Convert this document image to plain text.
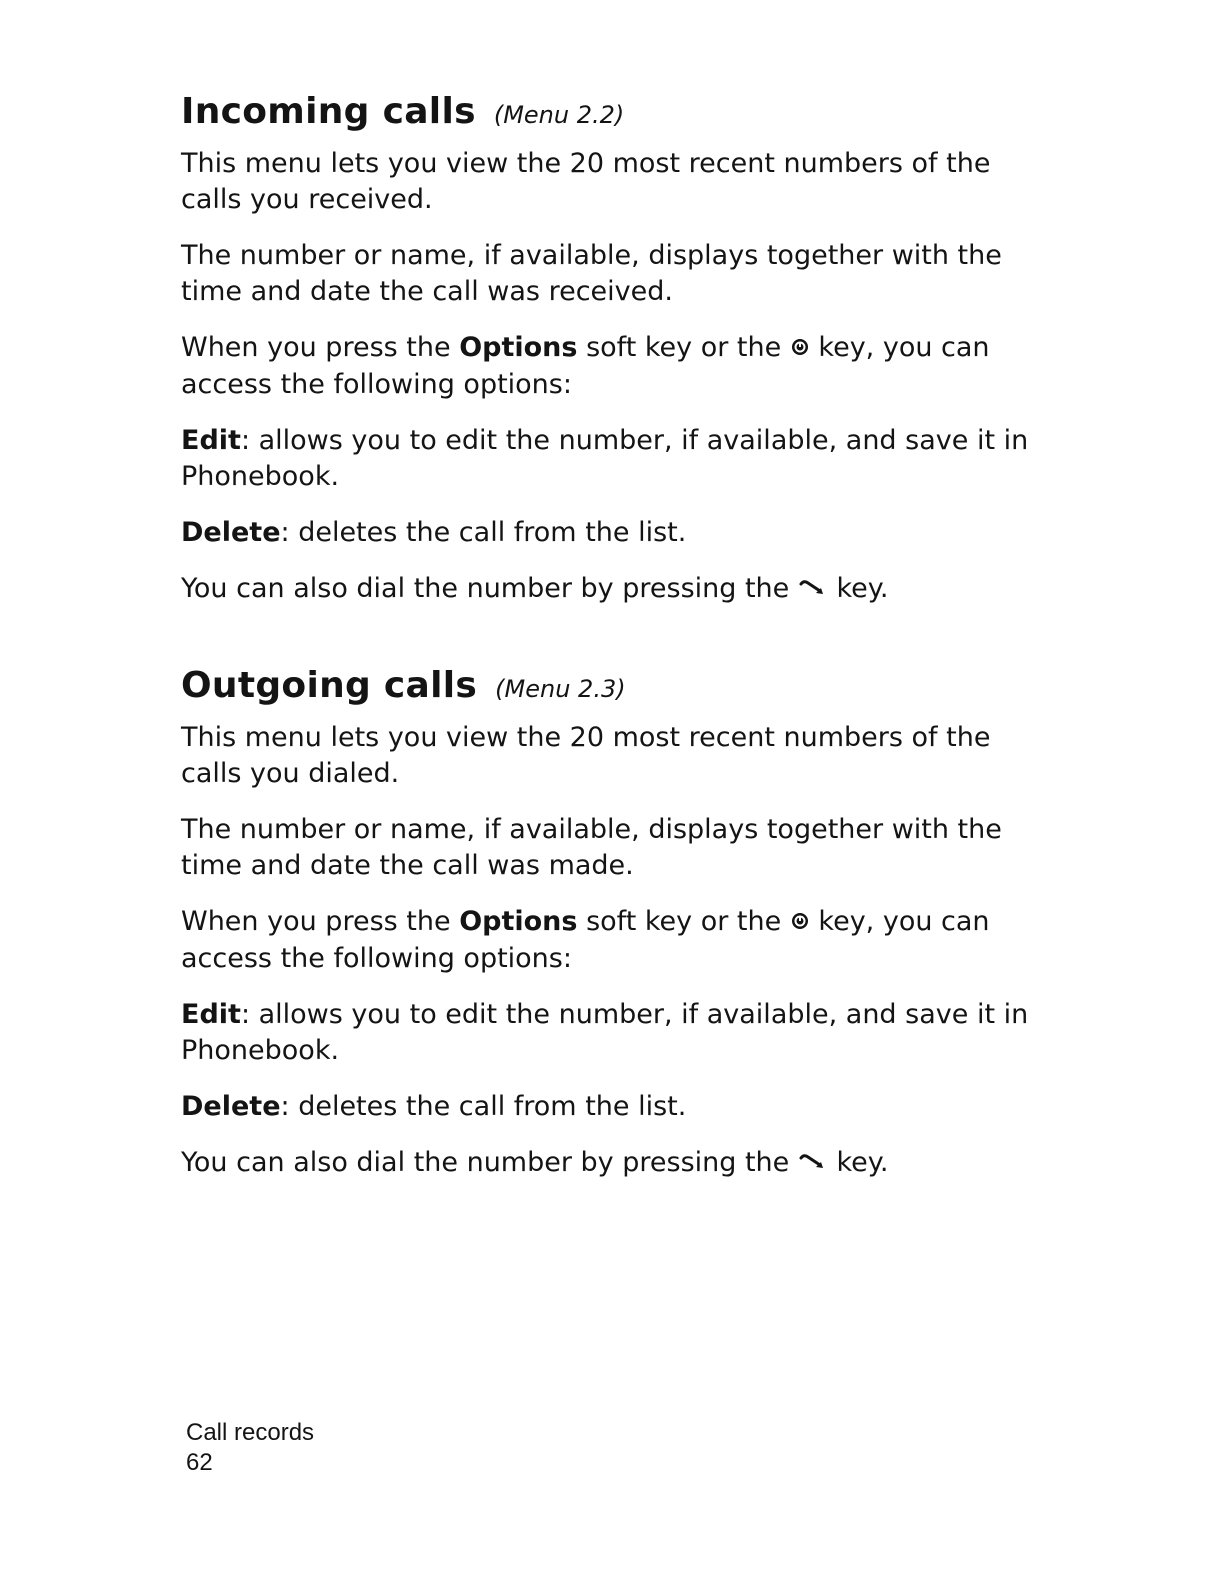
Incoming calls (Menu 2.2)

This menu lets you view the 20 most recent numbers of the calls you received.

The number or name, if available, displays together with the time and date the call was received.

When you press the Options soft key or the key, you can access the following options:

Edit: allows you to edit the number, if available, and save it in Phonebook.

Delete: deletes the call from the list.

You can also dial the number by pressing the key.

Outgoing calls (Menu 2.3)

This menu lets you view the 20 most recent numbers of the calls you dialed.

The number or name, if available, displays together with the time and date the call was made.

When you press the Options soft key or the key, you can access the following options:

Edit: allows you to edit the number, if available, and save it in Phonebook.

Delete: deletes the call from the list.

You can also dial the number by pressing the key.

Call records
62
